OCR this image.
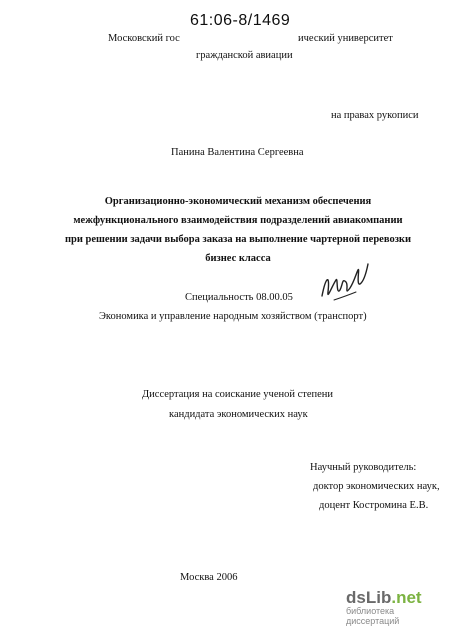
61:06-8/1469
Московский гос	ический университет
гражданской авиации
на правах рукописи
Панина Валентина Сергеевна
Организационно-экономический механизм обеспечения
межфункционального взаимодействия подразделений авиакомпании
при решении задачи выбора заказа на выполнение чартерной перевозки
бизнес класса
Специальность 08.00.05
Экономика и управление народным хозяйством (транспорт)
Диссертация на соискание ученой степени
кандидата экономических наук
Научный руководитель:
доктор экономических наук,
доцент Костромина Е.В.
Москва 2006
dsLib.net
библиотека диссертаций
